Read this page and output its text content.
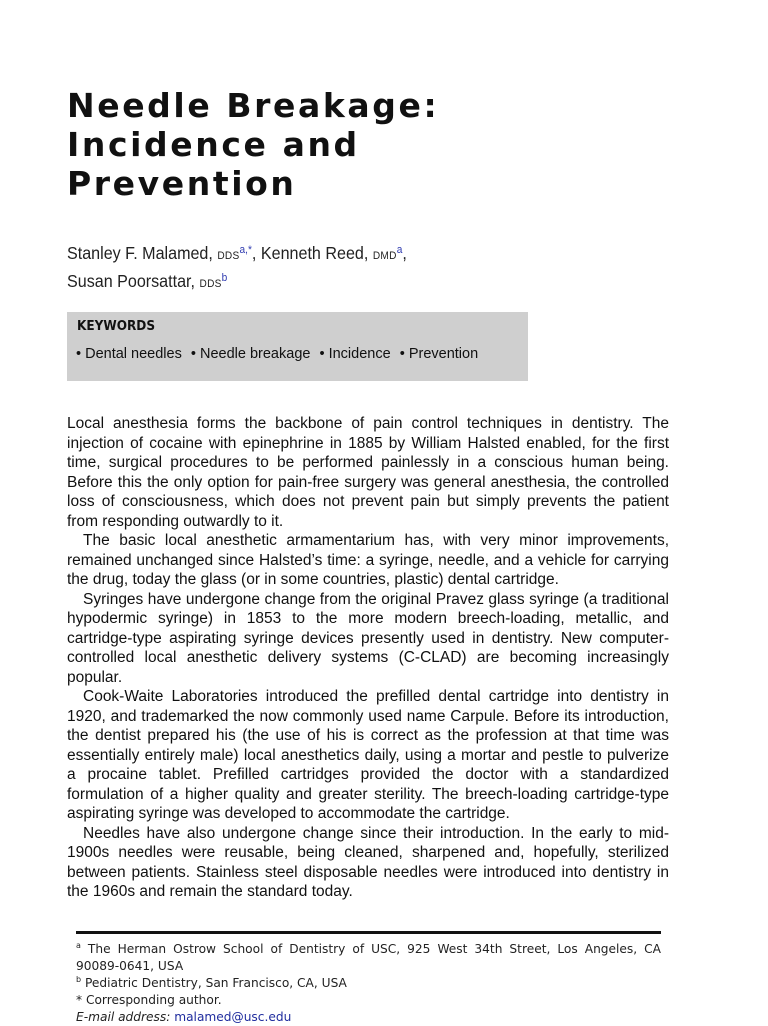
Needle Breakage:
Incidence and
Prevention
Stanley F. Malamed, DDS$^{a,*}$, Kenneth Reed, DMD$^a$,
Susan Poorsattar, DDS$^b$
KEYWORDS
• Dental needles • Needle breakage • Incidence • Prevention

Local anesthesia forms the backbone of pain control techniques in dentistry. The injection of cocaine with epinephrine in 1885 by William Halsted enabled, for the first time, surgical procedures to be performed painlessly in a conscious human being. Before this the only option for pain-free surgery was general anesthesia, the controlled loss of consciousness, which does not prevent pain but simply prevents the patient from responding outwardly to it.

The basic local anesthetic armamentarium has, with very minor improvements, remained unchanged since Halsted’s time: a syringe, needle, and a vehicle for carrying the drug, today the glass (or in some countries, plastic) dental cartridge.

Syringes have undergone change from the original Pravez glass syringe (a traditional hypodermic syringe) in 1853 to the more modern breech-loading, metallic, and cartridge-type aspirating syringe devices presently used in dentistry. New computer-controlled local anesthetic delivery systems (C-CLAD) are becoming increasingly popular.

Cook-Waite Laboratories introduced the prefilled dental cartridge into dentistry in 1920, and trademarked the now commonly used name Carpule. Before its introduction, the dentist prepared his (the use of his is correct as the profession at that time was essentially entirely male) local anesthetics daily, using a mortar and pestle to pulverize a procaine tablet. Prefilled cartridges provided the doctor with a standardized formulation of a higher quality and greater sterility. The breech-loading cartridge-type aspirating syringe was developed to accommodate the cartridge.

Needles have also undergone change since their introduction. In the early to mid-1900s needles were reusable, being cleaned, sharpened and, hopefully, sterilized between patients. Stainless steel disposable needles were introduced into dentistry in the 1960s and remain the standard today.

$^a$ The Herman Ostrow School of Dentistry of USC, 925 West 34th Street, Los Angeles, CA 90089-0641, USA

$^b$ Pediatric Dentistry, San Francisco, CA, USA

* Corresponding author.

E-mail address: malamed@usc.edu
